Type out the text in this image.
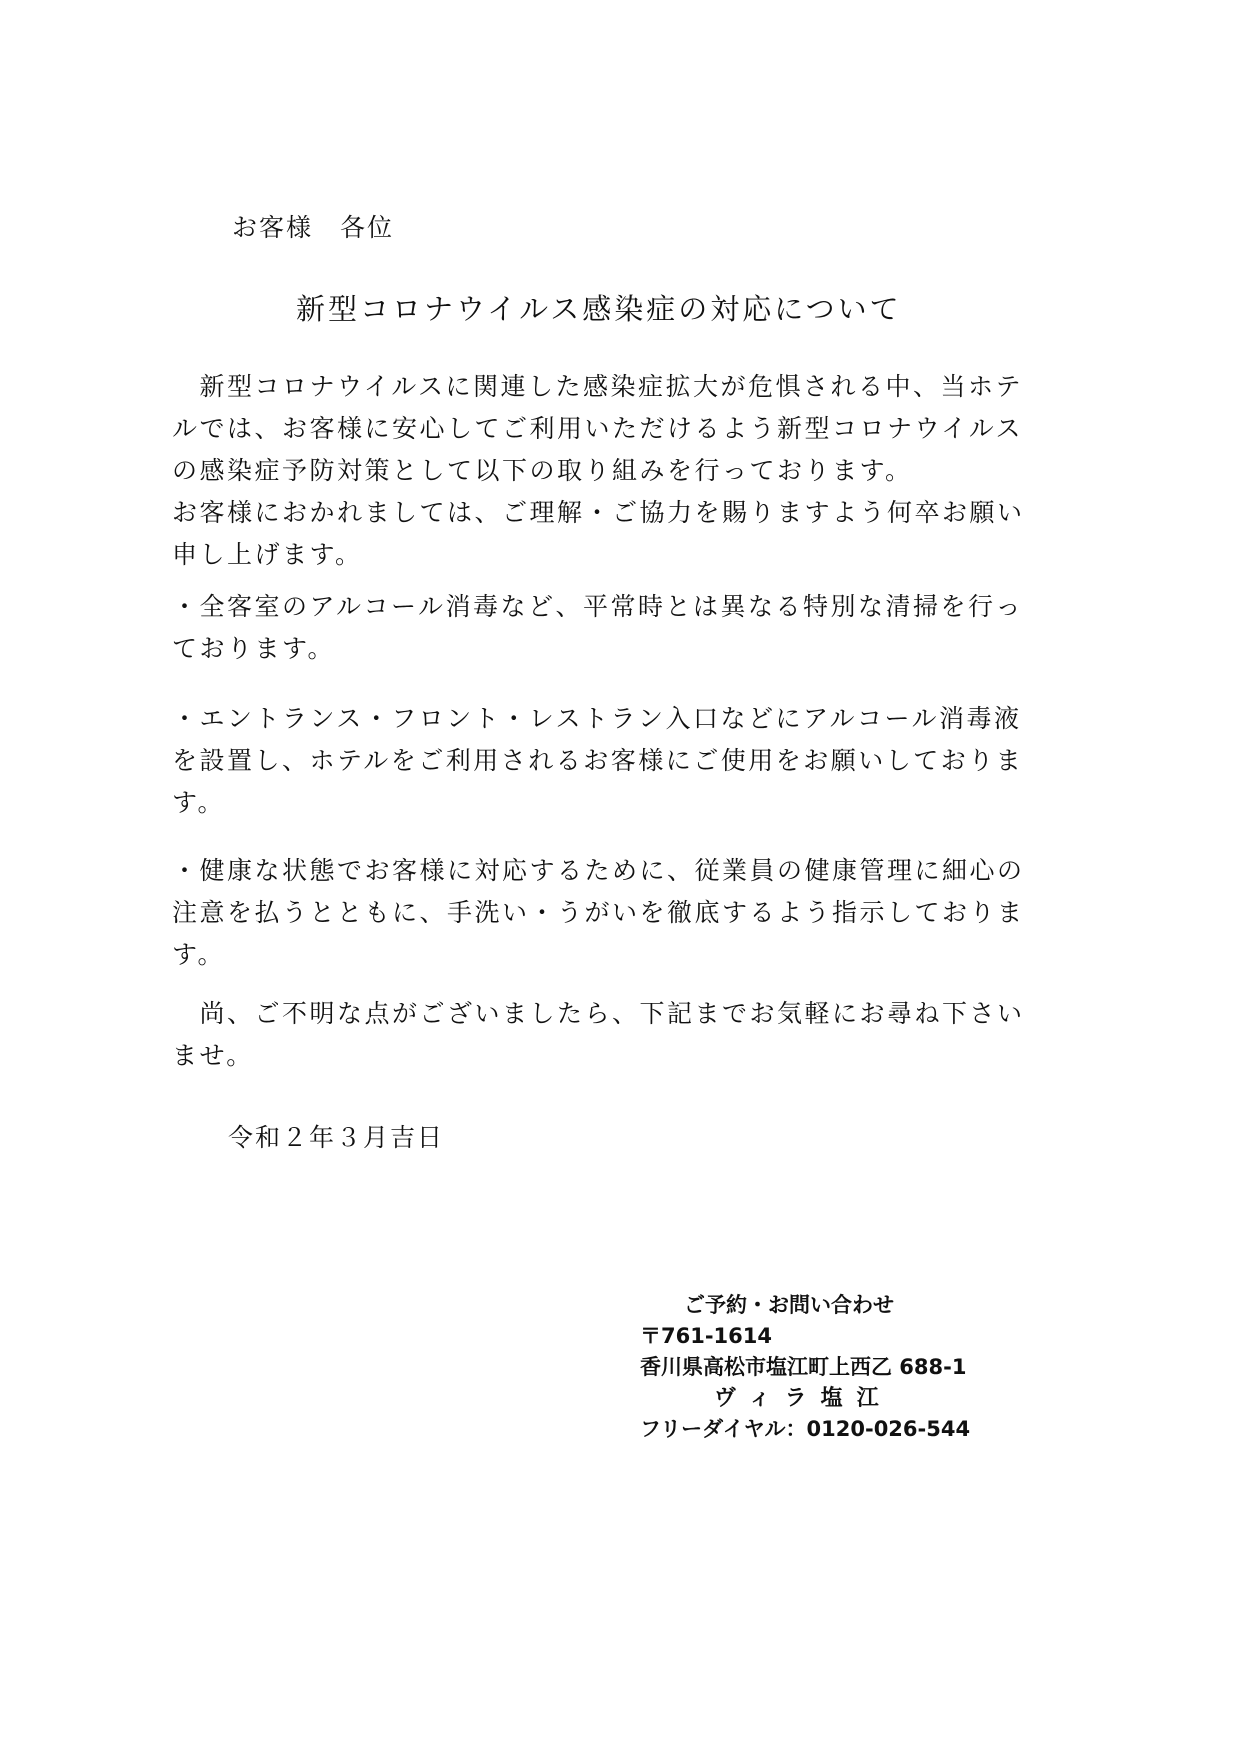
お客様　各位

新型コロナウイルス感染症の対応について

　新型コロナウイルスに関連した感染症拡大が危惧される中、当ホテ
ルでは、お客様に安心してご利用いただけるよう新型コロナウイルス
の感染症予防対策として以下の取り組みを行っております。
お客様におかれましては、ご理解・ご協力を賜りますよう何卒お願い
申し上げます。

・全客室のアルコール消毒など、平常時とは異なる特別な清掃を行っ
ております。

・エントランス・フロント・レストラン入口などにアルコール消毒液
を設置し、ホテルをご利用されるお客様にご使用をお願いしておりま
す。

・健康な状態でお客様に対応するために、従業員の健康管理に細心の
注意を払うとともに、手洗い・うがいを徹底するよう指示しておりま
す。

　尚、ご不明な点がございましたら、下記までお気軽にお尋ね下さい
ませ。

令和２年３月吉日

ご予約・お問い合わせ
〒761-1614
香川県高松市塩江町上西乙 688-1
ヴィラ塩江
フリーダイヤル：0120-026-544
